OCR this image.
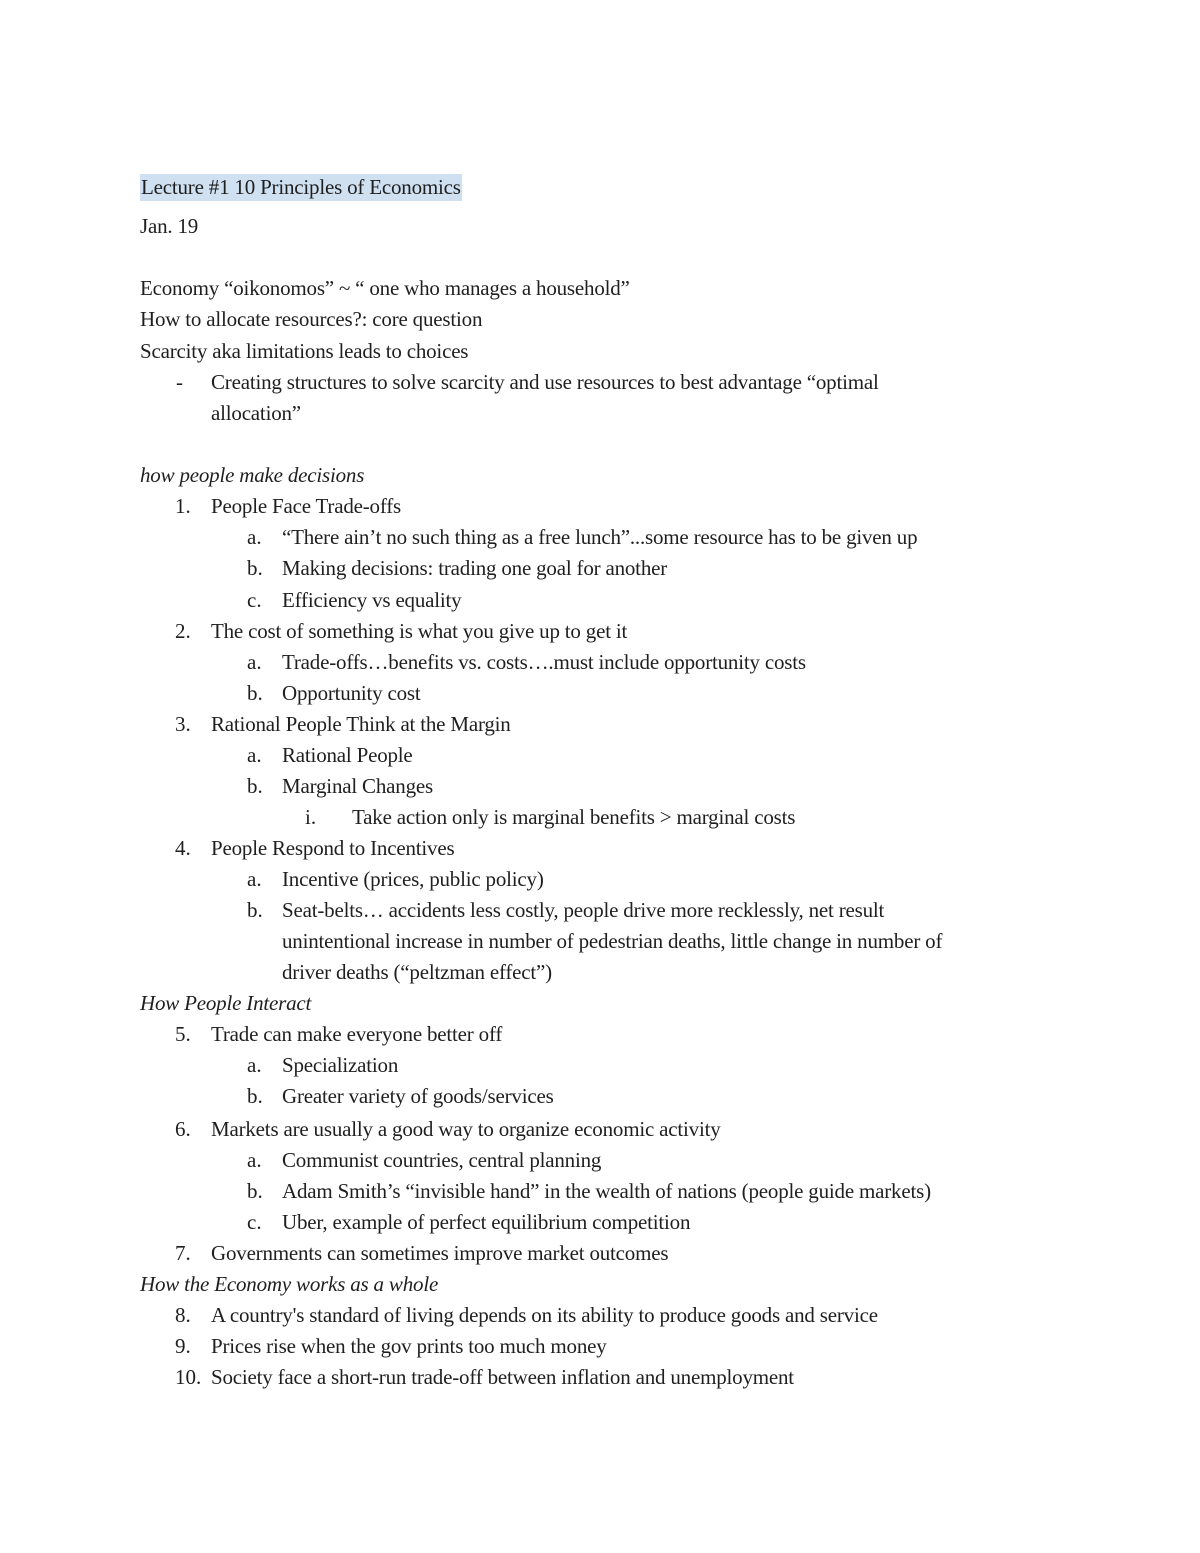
Lecture #1 10 Principles of Economics
Jan. 19
Economy “oikonomos” ~ “ one who manages a household”
How to allocate resources?: core question
Scarcity aka limitations leads to choices
- Creating structures to solve scarcity and use resources to best advantage “optimal
allocation”
how people make decisions
1. People Face Trade-offs
a. “There ain’t no such thing as a free lunch”...some resource has to be given up
b. Making decisions: trading one goal for another
c. Efficiency vs equality
2. The cost of something is what you give up to get it
a. Trade-offs…benefits vs. costs….must include opportunity costs
b. Opportunity cost
3. Rational People Think at the Margin
a. Rational People
b. Marginal Changes
i. Take action only is marginal benefits > marginal costs
4. People Respond to Incentives
a. Incentive (prices, public policy)
b. Seat-belts… accidents less costly, people drive more recklessly, net result
unintentional increase in number of pedestrian deaths, little change in number of
driver deaths (“peltzman effect”)
How People Interact
5. Trade can make everyone better off
a. Specialization
b. Greater variety of goods/services
6. Markets are usually a good way to organize economic activity
a. Communist countries, central planning
b. Adam Smith’s “invisible hand” in the wealth of nations (people guide markets)
c. Uber, example of perfect equilibrium competition
7. Governments can sometimes improve market outcomes
How the Economy works as a whole
8. A country's standard of living depends on its ability to produce goods and service
9. Prices rise when the gov prints too much money
10. Society face a short-run trade-off between inflation and unemployment
